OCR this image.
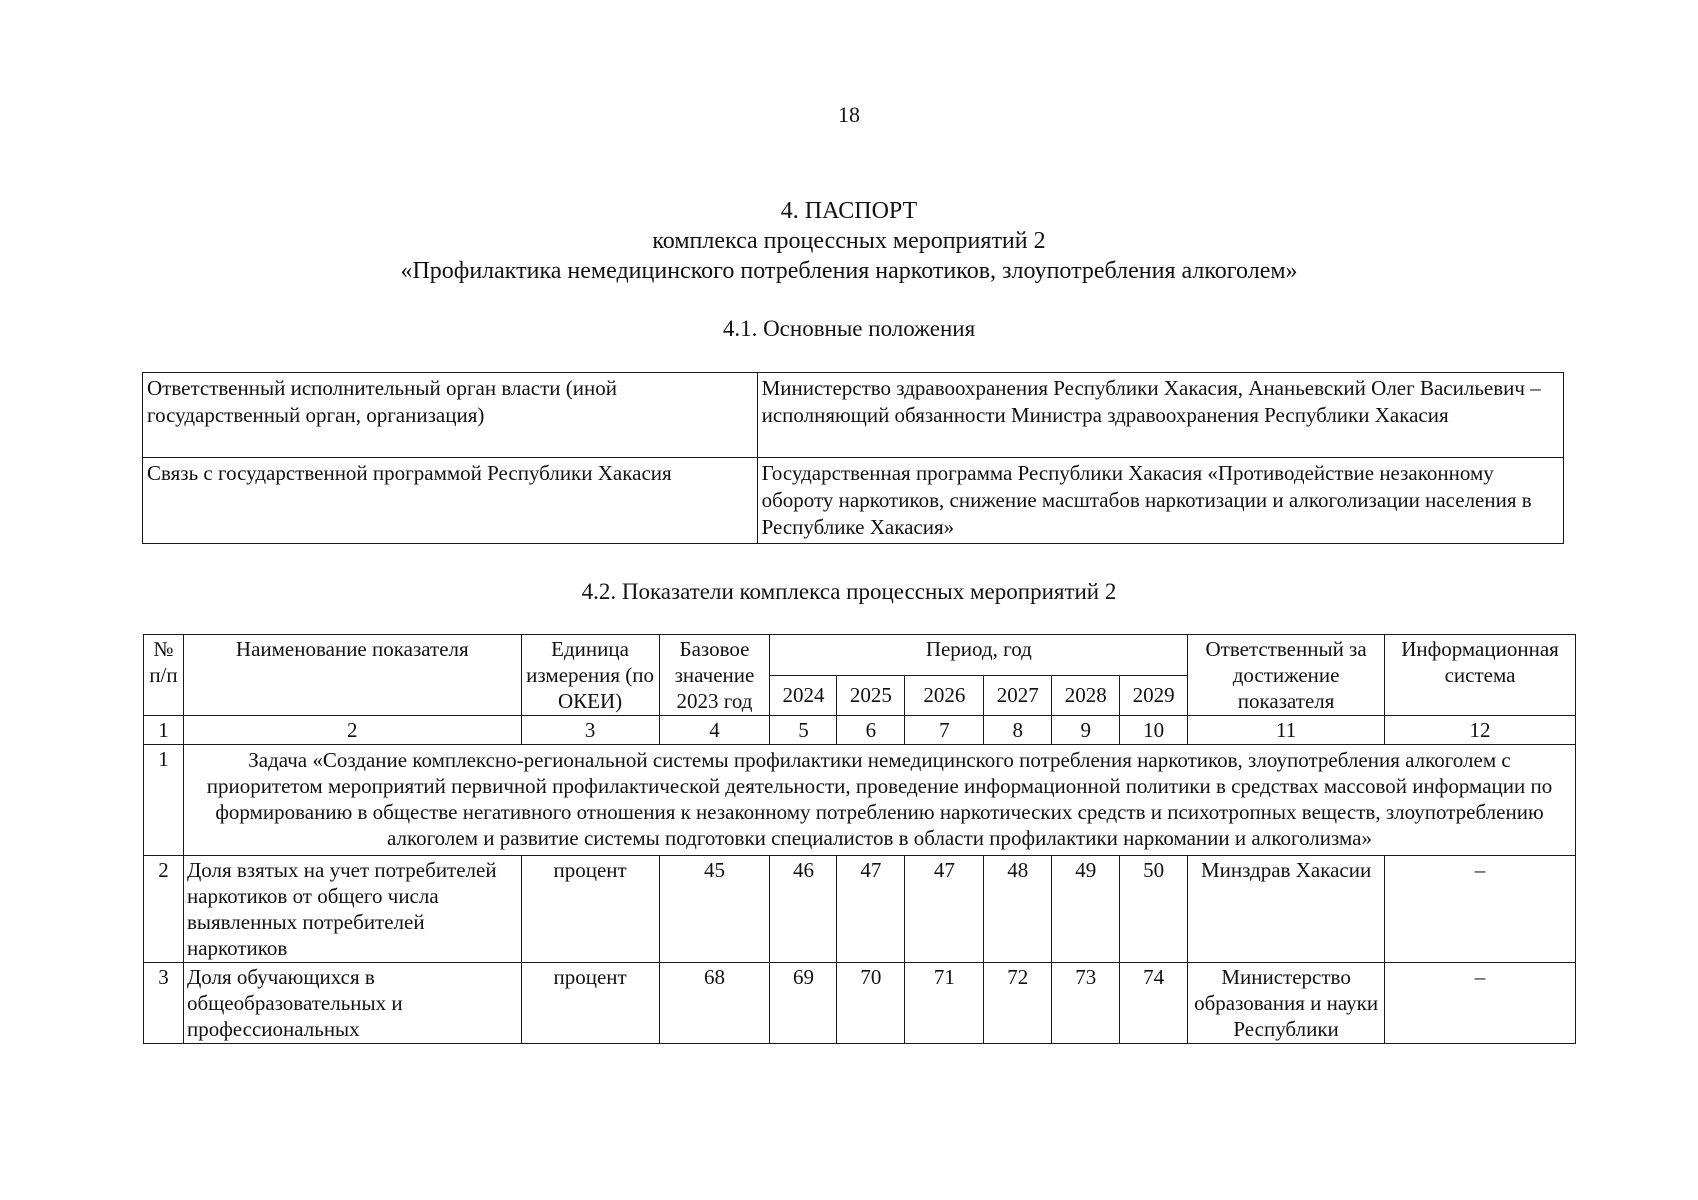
18
4. ПАСПОРТ
комплекса процессных мероприятий 2
«Профилактика немедицинского потребления наркотиков, злоупотребления алкоголем»
4.1. Основные положения
Ответственный исполнительный орган власти (иной государственный орган, организация)	Министерство здравоохранения Республики Хакасия, Ананьевский Олег Васильевич – исполняющий обязанности Министра здравоохранения Республики Хакасия
Связь с государственной программой Республики Хакасия	Государственная программа Республики Хакасия «Противодействие незаконному обороту наркотиков, снижение масштабов наркотизации и алкоголизации населения в Республике Хакасия»
4.2. Показатели комплекса процессных мероприятий 2
№ п/п	Наименование показателя	Единица измерения (по ОКЕИ)	Базовое значение 2023 год	Период, год						Ответственный за достижение показателя	Информационная система
				2024	2025	2026	2027	2028	2029		
1	2	3	4	5	6	7	8	9	10	11	12
1	Задача «Создание комплексно-региональной системы профилактики немедицинского потребления наркотиков, злоупотребления алкоголем с приоритетом мероприятий первичной профилактической деятельности, проведение информационной политики в средствах массовой информации по формированию в обществе негативного отношения к незаконному потреблению наркотических средств и психотропных веществ, злоупотреблению алкоголем и развитие системы подготовки специалистов в области профилактики наркомании и алкоголизма»										
2	Доля взятых на учет потребителей наркотиков от общего числа выявленных потребителей наркотиков	процент	45	46	47	47	48	49	50	Минздрав Хакасии	–
3	Доля обучающихся в общеобразовательных и профессиональных	процент	68	69	70	71	72	73	74	Министерство образования и науки Республики	–
